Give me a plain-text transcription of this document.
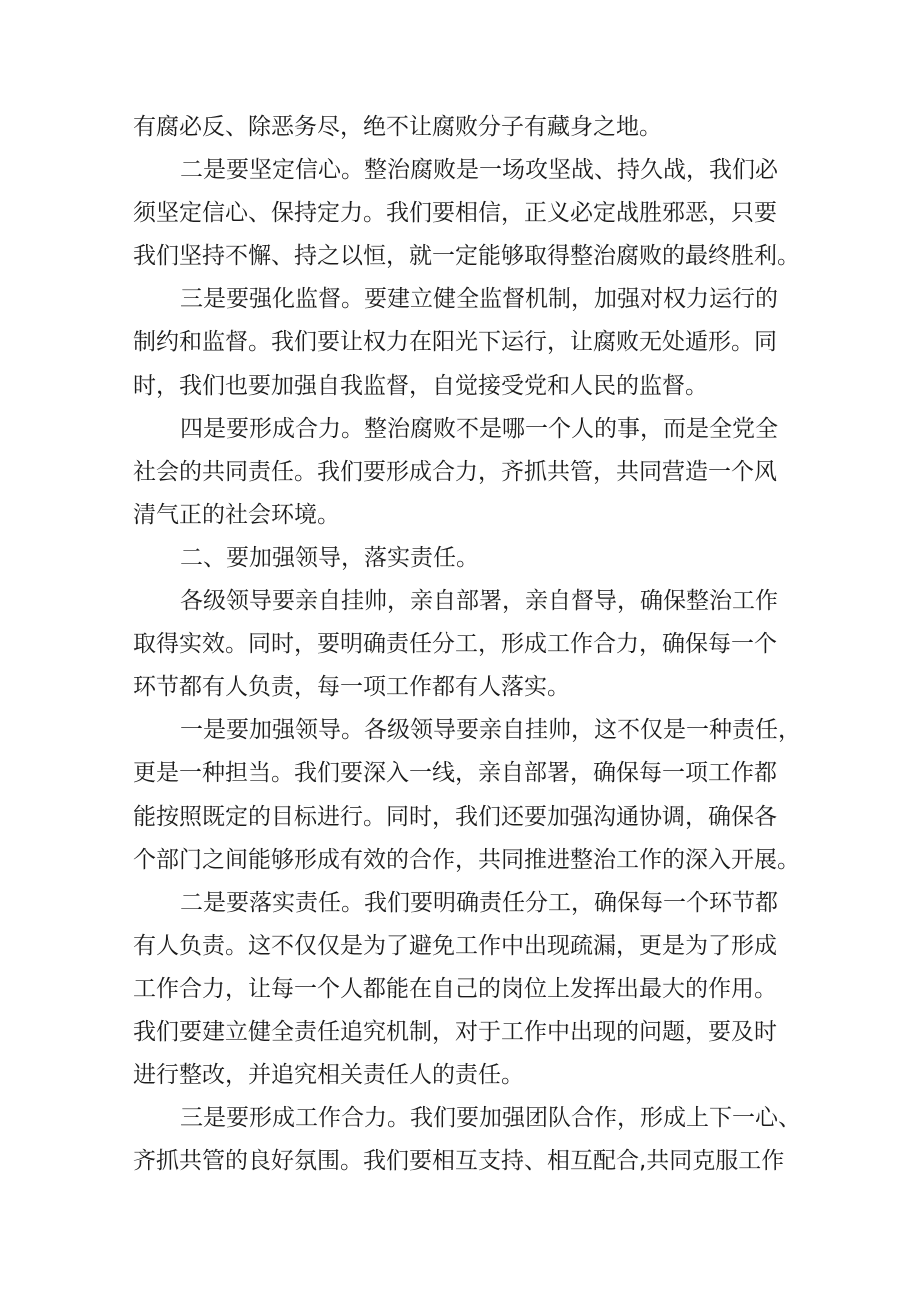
有腐必反、除恶务尽，绝不让腐败分子有藏身之地。
二是要坚定信心。整治腐败是一场攻坚战、持久战，我们必
须坚定信心、保持定力。我们要相信，正义必定战胜邪恶，只要
我们坚持不懈、持之以恒，就一定能够取得整治腐败的最终胜利。
三是要强化监督。要建立健全监督机制，加强对权力运行的
制约和监督。我们要让权力在阳光下运行，让腐败无处遁形。同
时，我们也要加强自我监督，自觉接受党和人民的监督。
四是要形成合力。整治腐败不是哪一个人的事，而是全党全
社会的共同责任。我们要形成合力，齐抓共管，共同营造一个风
清气正的社会环境。
二、要加强领导，落实责任。
各级领导要亲自挂帅，亲自部署，亲自督导，确保整治工作
取得实效。同时，要明确责任分工，形成工作合力，确保每一个
环节都有人负责，每一项工作都有人落实。
一是要加强领导。各级领导要亲自挂帅，这不仅是一种责任，
更是一种担当。我们要深入一线，亲自部署，确保每一项工作都
能按照既定的目标进行。同时，我们还要加强沟通协调，确保各
个部门之间能够形成有效的合作，共同推进整治工作的深入开展。
二是要落实责任。我们要明确责任分工，确保每一个环节都
有人负责。这不仅仅是为了避免工作中出现疏漏，更是为了形成
工作合力，让每一个人都能在自己的岗位上发挥出最大的作用。
我们要建立健全责任追究机制，对于工作中出现的问题，要及时
进行整改，并追究相关责任人的责任。
三是要形成工作合力。我们要加强团队合作，形成上下一心、
齐抓共管的良好氛围。我们要相互支持、相互配合,共同克服工作
